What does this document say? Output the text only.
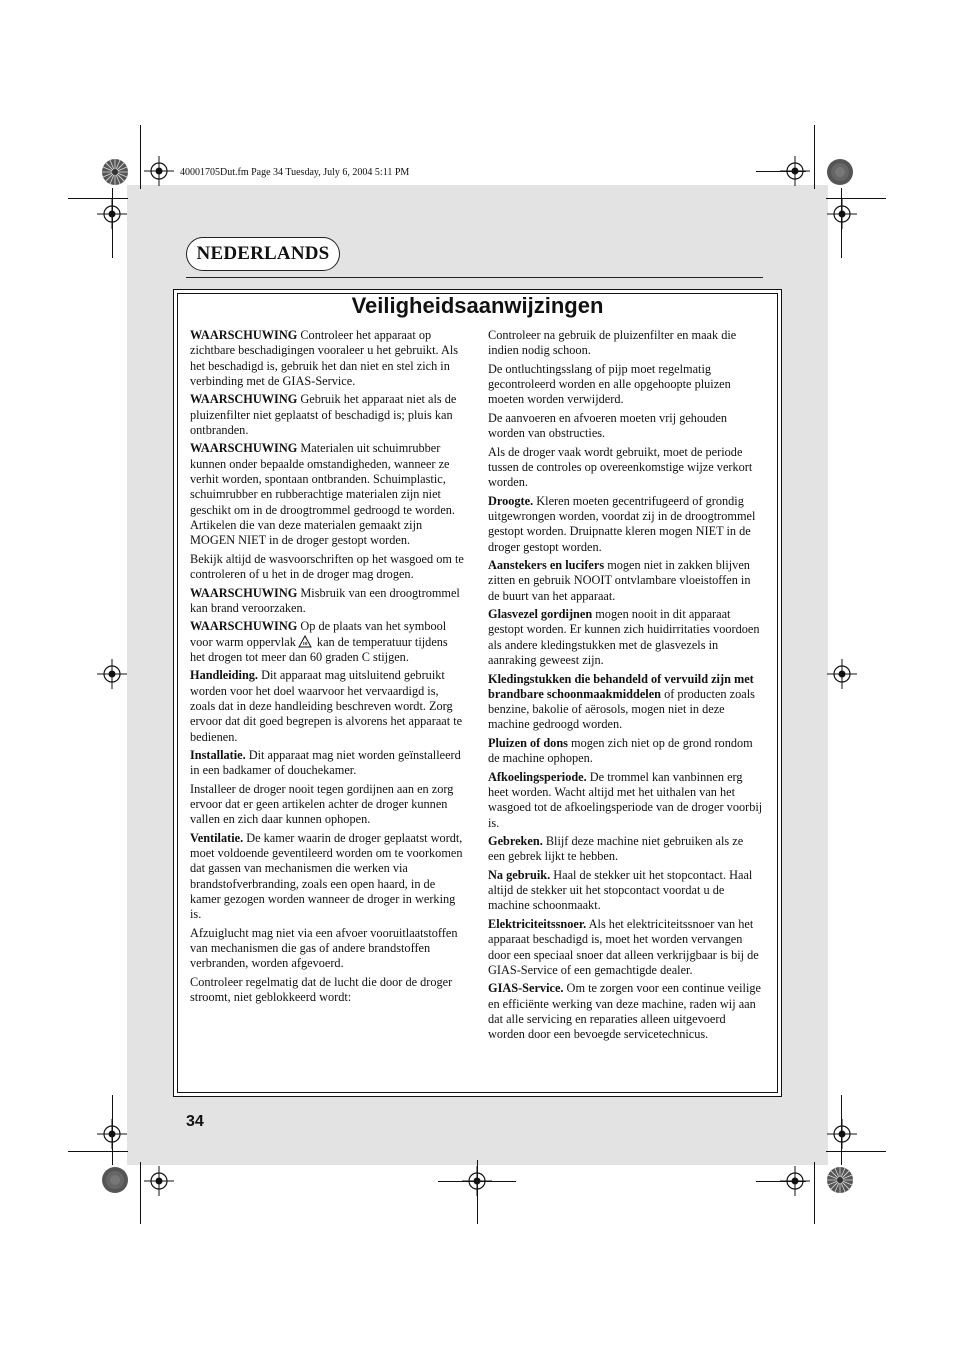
40001705Dut.fm Page 34 Tuesday, July 6, 2004 5:11 PM
NEDERLANDS
Veiligheidsaanwijzingen

WAARSCHUWING Controleer het apparaat op zichtbare beschadigingen vooraleer u het gebruikt. Als het beschadigd is, gebruik het dan niet en stel zich in verbinding met de GIAS-Service.

WAARSCHUWING Gebruik het apparaat niet als de pluizenfilter niet geplaatst of beschadigd is; pluis kan ontbranden.

WAARSCHUWING Materialen uit schuimrubber kunnen onder bepaalde omstandigheden, wanneer ze verhit worden, spontaan ontbranden. Schuimplastic, schuimrubber en rubberachtige materialen zijn niet geschikt om in de droogtrommel gedroogd te worden. Artikelen die van deze materialen gemaakt zijn MOGEN NIET in de droger gestopt worden.

Bekijk altijd de wasvoorschriften op het wasgoed om te controleren of u het in de droger mag drogen.

WAARSCHUWING Misbruik van een droogtrommel kan brand veroorzaken.

WAARSCHUWING Op de plaats van het symbool voor warm oppervlak kan de temperatuur tijdens het drogen tot meer dan 60 graden C stijgen.

Handleiding. Dit apparaat mag uitsluitend gebruikt worden voor het doel waarvoor het vervaardigd is, zoals dat in deze handleiding beschreven wordt. Zorg ervoor dat dit goed begrepen is alvorens het apparaat te bedienen.

Installatie. Dit apparaat mag niet worden geïnstalleerd in een badkamer of douchekamer.

Installeer de droger nooit tegen gordijnen aan en zorg ervoor dat er geen artikelen achter de droger kunnen vallen en zich daar kunnen ophopen.

Ventilatie. De kamer waarin de droger geplaatst wordt, moet voldoende geventileerd worden om te voorkomen dat gassen van mechanismen die werken via brandstofverbranding, zoals een open haard, in de kamer gezogen worden wanneer de droger in werking is.

Afzuiglucht mag niet via een afvoer vooruitlaatstoffen van mechanismen die gas of andere brandstoffen verbranden, worden afgevoerd.

Controleer regelmatig dat de lucht die door de droger stroomt, niet geblokkeerd wordt:

Controleer na gebruik de pluizenfilter en maak die indien nodig schoon.

De ontluchtingsslang of pijp moet regelmatig gecontroleerd worden en alle opgehoopte pluizen moeten worden verwijderd.

De aanvoeren en afvoeren moeten vrij gehouden worden van obstructies.

Als de droger vaak wordt gebruikt, moet de periode tussen de controles op overeenkomstige wijze verkort worden.

Droogte. Kleren moeten gecentrifugeerd of grondig uitgewrongen worden, voordat zij in de droogtrommel gestopt worden. Druipnatte kleren mogen NIET in de droger gestopt worden.

Aanstekers en lucifers mogen niet in zakken blijven zitten en gebruik NOOIT ontvlambare vloeistoffen in de buurt van het apparaat.

Glasvezel gordijnen mogen nooit in dit apparaat gestopt worden. Er kunnen zich huidirritaties voordoen als andere kledingstukken met de glasvezels in aanraking geweest zijn.

Kledingstukken die behandeld of vervuild zijn met brandbare schoonmaakmiddelen of producten zoals benzine, bakolie of aërosols, mogen niet in deze machine gedroogd worden.

Pluizen of dons mogen zich niet op de grond rondom de machine ophopen.

Afkoelingsperiode. De trommel kan vanbinnen erg heet worden. Wacht altijd met het uithalen van het wasgoed tot de afkoelingsperiode van de droger voorbij is.

Gebreken. Blijf deze machine niet gebruiken als ze een gebrek lijkt te hebben.

Na gebruik. Haal de stekker uit het stopcontact. Haal altijd de stekker uit het stopcontact voordat u de machine schoonmaakt.

Elektriciteitssnoer. Als het elektriciteitssnoer van het apparaat beschadigd is, moet het worden vervangen door een speciaal snoer dat alleen verkrijgbaar is bij de GIAS-Service of een gemachtigde dealer.

GIAS-Service. Om te zorgen voor een continue veilige en efficiënte werking van deze machine, raden wij aan dat alle servicing en reparaties alleen uitgevoerd worden door een bevoegde servicetechnicus.

34
